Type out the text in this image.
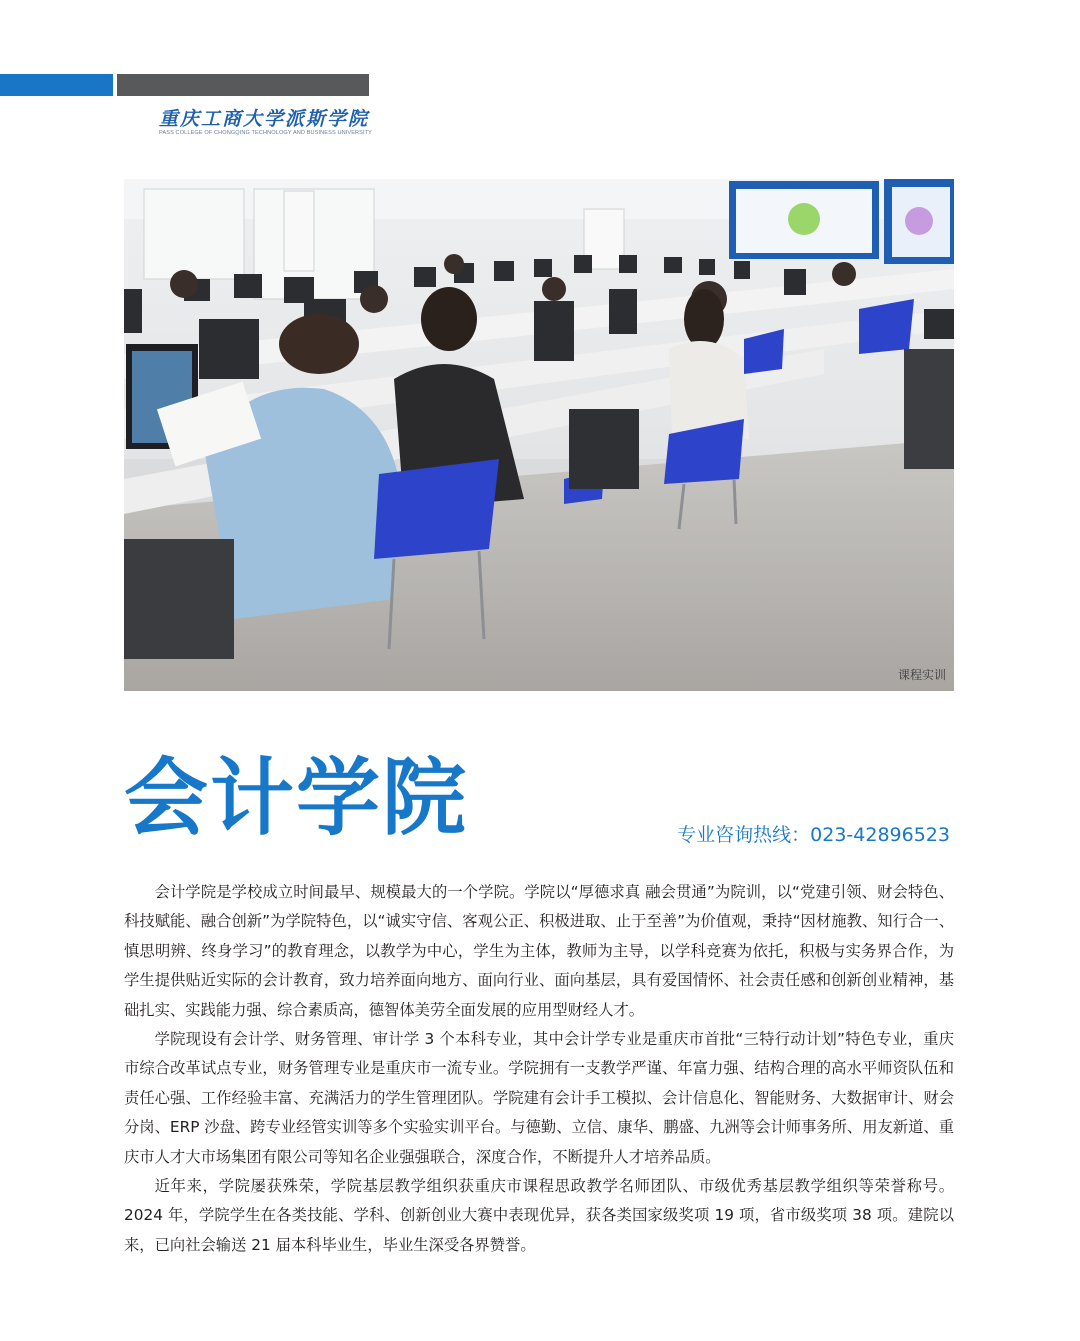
重庆工商大学派斯学院
PASS COLLEGE OF CHONGQING TECHNOLOGY AND BUSINESS UNIVERSITY
课程实训
会计学院	专业咨询热线：023-42896523

会计学院是学校成立时间最早、规模最大的一个学院。学院以“厚德求真 融会贯通”为院训，以“党建引领、财会特色、科技赋能、融合创新”为学院特色，以“诚实守信、客观公正、积极进取、止于至善”为价值观，秉持“因材施教、知行合一、慎思明辨、终身学习”的教育理念，以教学为中心，学生为主体，教师为主导，以学科竞赛为依托，积极与实务界合作，为学生提供贴近实际的会计教育，致力培养面向地方、面向行业、面向基层，具有爱国情怀、社会责任感和创新创业精神，基础扎实、实践能力强、综合素质高，德智体美劳全面发展的应用型财经人才。

学院现设有会计学、财务管理、审计学 3 个本科专业，其中会计学专业是重庆市首批“三特行动计划”特色专业，重庆市综合改革试点专业，财务管理专业是重庆市一流专业。学院拥有一支教学严谨、年富力强、结构合理的高水平师资队伍和责任心强、工作经验丰富、充满活力的学生管理团队。学院建有会计手工模拟、会计信息化、智能财务、大数据审计、财会分岗、ERP 沙盘、跨专业经管实训等多个实验实训平台。与德勤、立信、康华、鹏盛、九洲等会计师事务所、用友新道、重庆市人才大市场集团有限公司等知名企业强强联合，深度合作，不断提升人才培养品质。

近年来，学院屡获殊荣，学院基层教学组织获重庆市课程思政教学名师团队、市级优秀基层教学组织等荣誉称号。2024 年，学院学生在各类技能、学科、创新创业大赛中表现优异，获各类国家级奖项 19 项，省市级奖项 38 项。建院以来，已向社会输送 21 届本科毕业生，毕业生深受各界赞誉。
